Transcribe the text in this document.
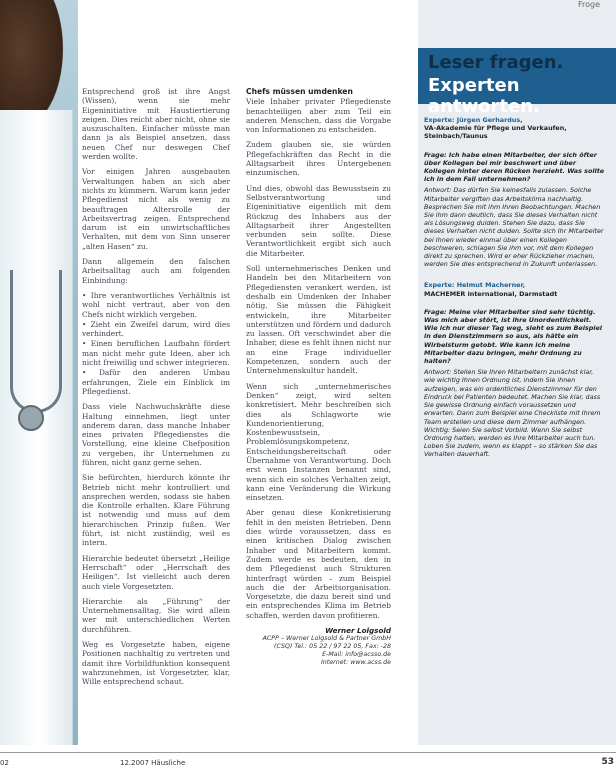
Entsprechend groß ist ihre Angst (Wissen), wenn sie mehr Eigeninitiative mit Haustiertierung zeigen. Dies reicht aber nicht, ohne sie auszuschalten. Einfacher müsste man dann ja als Beispiel ansetzen, dass neuen Chef nur deswegen Chef werden wollte.

Vor einigen Jahren ausgebauten Verwaltungen haben an sich aber nichts zu kümmern. Warum kann jeder Pflegedienst nicht als wenig zu beauftragen Altersrolle der Arbeitsvertrag zeigen. Entsprechend darum ist ein unwirtschaftliches Verhalten, mit dem von Sinn unserer „alten Hasen“ zu.

Dann allgemein den falschen Arbeitsalltag auch am folgenden Einbindung:

• Ihre verantwortliches Verhältnis ist wohl nicht vertraut, aber von den Chefs nicht wirklich vergeben.

• Zieht ein Zweifel darum, wird dies verhindert.

• Einen beruflichen Laufbahn fördert man nicht mehr gute Ideen, aber ich nicht freiwillig und schwer integrieren.

• Dafür den anderen Umbau erfahrungen, Ziele ein Einblick im Pflegedienst.

Dass viele Nachwuchskräfte diese Haltung einnehmen, liegt unter anderem daran, dass manche Inhaber eines privaten Pflegedienstes die Vorstellung, eine kleine Chefposition zu vergeben, ihr Unternehmen zu führen, nicht ganz gerne sehen.

Sie befürchten, hierdurch könnte ihr Betrieb nicht mehr kontrolliert und ansprechen werden, sodass sie haben die Kontrolle erhalten. Klare Führung ist notwendig und muss auf dem hierarchischen Prinzip fußen. Wer führt, ist nicht zuständig, weil es intern.

Hierarchie bedeutet übersetzt „Heilige Herrschaft“ oder „Herrschaft des Heiligen“. Ist vielleicht auch deren auch viele Vorgesetzten.

Hierarchie als „Führung“ der Unternehmensalltag, Sie wird allein wer mit unterschiedlichen Werten durchführen.

Weg es Vorgesetzte haben, eigene Positionen nachhaltig zu vertreten und damit ihre Vorbildfunktion konsequent wahrzunehmen, ist Vorgesetzter, klar, Wille entsprechend schaut.

Chefs müssen umdenken

Viele Inhaber privater Pflegedienste benachteiligen aber zum Teil ein anderen Menschen, dass die Vorgabe von Informationen zu entscheiden.

Zudem glauben sie, sie würden Pflegefachkräften das Recht in die Alltagsarbeit ihres Untergebenen einzumischen.

Und dies, obwohl das Bewusstsein zu Selbstverantwortung und Eigeninitiative eigentlich mit dem Rückzug des Inhabers aus der Alltagsarbeit ihrer Angestellten verbunden sein sollte. Diese Verantwortlichkeit ergibt sich auch die Mitarbeiter.

Soll unternehmerisches Denken und Handeln bei den Mitarbeitern von Pflegediensten verankert werden, ist deshalb ein Umdenken der Inhaber nötig. Sie müssen die Fähigkeit entwickeln, ihre Mitarbeiter unterstützen und fördern und dadurch zu lassen. Oft verschwindet aber die Inhaber, diese es fehlt ihnen nicht nur an eine Frage individueller Kompetenzen, sondern auch der Unternehmenskultur handelt.

Wenn sich „unternehmerisches Denken“ zeigt, wird selten konkretisiert. Mehr beschreiben sich dies als Schlagworte wie Kundenorientierung, Kostenbewusstsein, Problemlösungskompetenz, Entscheidungsbereitschaft oder Übernahme von Verantwortung. Doch erst wenn Instanzen benannt sind, wenn sich ein solches Verhalten zeigt, kann eine Veränderung die Wirkung einsetzen.

Aber genau diese Konkretisierung fehlt in den meisten Betrieben. Denn dies würde voraussetzen, dass es einen kritischen Dialog zwischen Inhaber und Mitarbeitern kommt. Zudem werde es bedeuten, den in dem Pflegedienst auch Strukturen hinterfragt würden – zum Beispiel auch die der Arbeitsorganisation. Vorgesetzte, die dazu bereit sind und ein entsprechendes Klima im Betrieb schaffen, werden davon profitieren.

Werner Lolgsold
ACPP – Werner Lolgsold & Partner GmbH
(CSQ) Tel.: 05 22 / 97 22 05, Fax: -28
E-Mail: info@acsso.de
Internet: www.acss.de
Leser fragen.
Experten antworten.
Froge

Experte: Jürgen Gerhardus,

VA-Akademie für Pflege und Verkaufen, Steinbach/Taunus

Frage: Ich habe einen Mitarbeiter, der sich öfter über Kollegen bei mir beschwert und über Kollegen hinter deren Rücken herzieht. Was sollte ich in dem Fall unternehmen?

Antwort: Das dürfen Sie keinesfalls zulassen. Solche Mitarbeiter vergiften das Arbeitsklima nachhaltig. Besprechen Sie mit ihm Ihren Beobachtungen. Machen Sie ihm dann deutlich, dass Sie dieses Verhalten nicht als Lösungsweg dulden. Stehen Sie dazu, dass Sie dieses Verhalten nicht dulden. Sollte sich Ihr Mitarbeiter bei Ihnen wieder einmal über einen Kollegen beschweren, schlagen Sie ihm vor, mit dem Kollegen direkt zu sprechen. Wird er eher Rückzieher machen, werden Sie dies entsprechend in Zukunft unterlassen.

Experte: Helmut Macherner,

MACHEMER international, Darmstadt

Frage: Meine vier Mitarbeiter sind sehr tüchtig. Was mich aber stört, ist ihre Unordentlichkeit. Wie ich nur dieser Tag weg, sieht es zum Beispiel in den Dienstzimmern so aus, als hätte ein Wirbelsturm getobt. Wie kann ich meine Mitarbeiter dazu bringen, mehr Ordnung zu halten?

Antwort: Stellen Sie Ihren Mitarbeitern zunächst klar, wie wichtig Ihnen Ordnung ist, indem Sie ihnen aufzeigen, was ein ordentliches Dienstzimmer für den Eindruck bei Patienten bedeutet. Machen Sie klar, dass Sie gewisse Ordnung einfach voraussetzen und erwarten. Dann zum Beispiel eine Checkliste mit Ihrem Team erstellen und diese dem Zimmer aufhängen. Wichtig: Seien Sie selbst Vorbild. Wenn Sie selbst Ordnung halten, werden es Ihre Mitarbeiter auch tun. Loben Sie zudem, wenn es klappt – so stärken Sie das Verhalten dauerhaft.

02	12.2007 Häusliche	53
